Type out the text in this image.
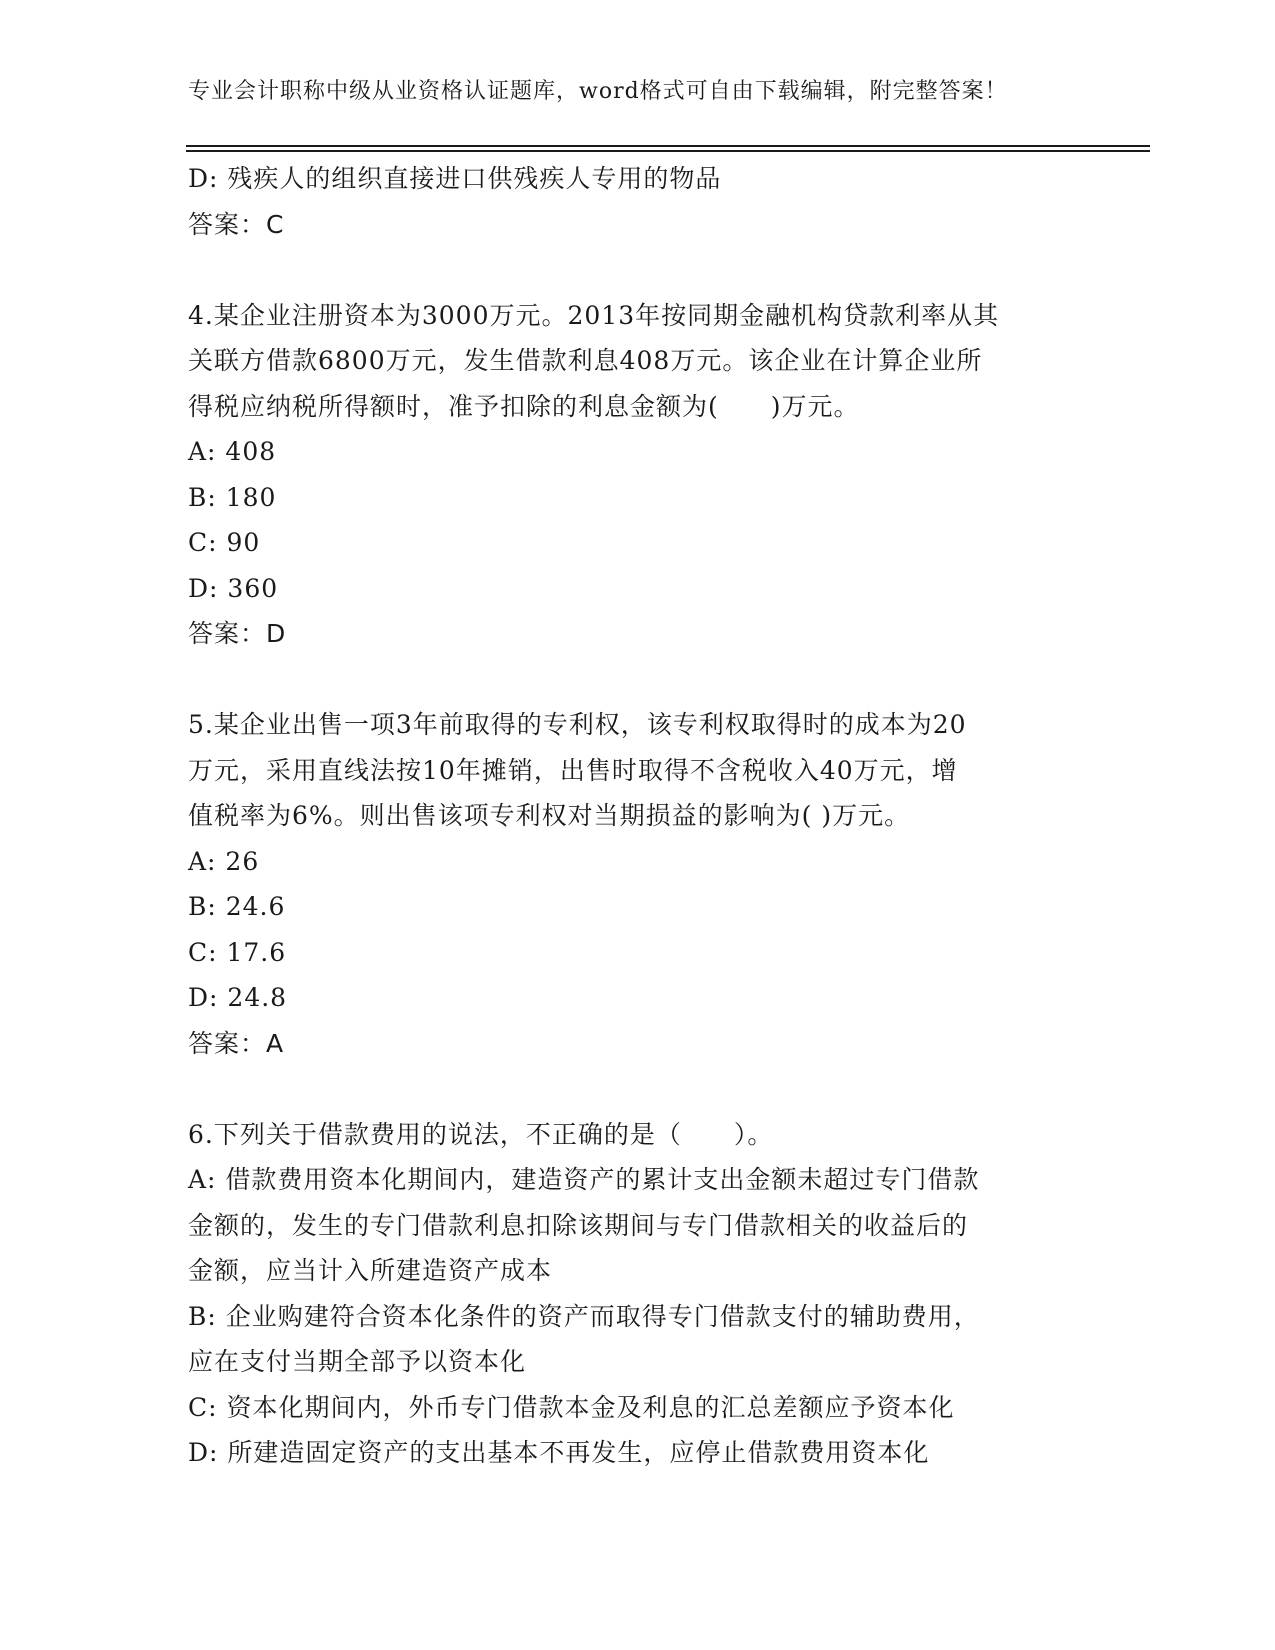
专业会计职称中级从业资格认证题库，word格式可自由下载编辑，附完整答案！
D: 残疾人的组织直接进口供残疾人专用的物品
答案：C
4.某企业注册资本为3000万元。2013年按同期金融机构贷款利率从其
关联方借款6800万元，发生借款利息408万元。该企业在计算企业所
得税应纳税所得额时，准予扣除的利息金额为(　　)万元。
A: 408
B: 180
C: 90
D: 360
答案：D
5.某企业出售一项3年前取得的专利权，该专利权取得时的成本为20
万元，采用直线法按10年摊销，出售时取得不含税收入40万元，增
值税率为6%。则出售该项专利权对当期损益的影响为( )万元。
A: 26
B: 24.6
C: 17.6
D: 24.8
答案：A
6.下列关于借款费用的说法，不正确的是（　　）。
A: 借款费用资本化期间内，建造资产的累计支出金额未超过专门借款
金额的，发生的专门借款利息扣除该期间与专门借款相关的收益后的
金额，应当计入所建造资产成本
B: 企业购建符合资本化条件的资产而取得专门借款支付的辅助费用，
应在支付当期全部予以资本化
C: 资本化期间内，外币专门借款本金及利息的汇总差额应予资本化
D: 所建造固定资产的支出基本不再发生，应停止借款费用资本化
